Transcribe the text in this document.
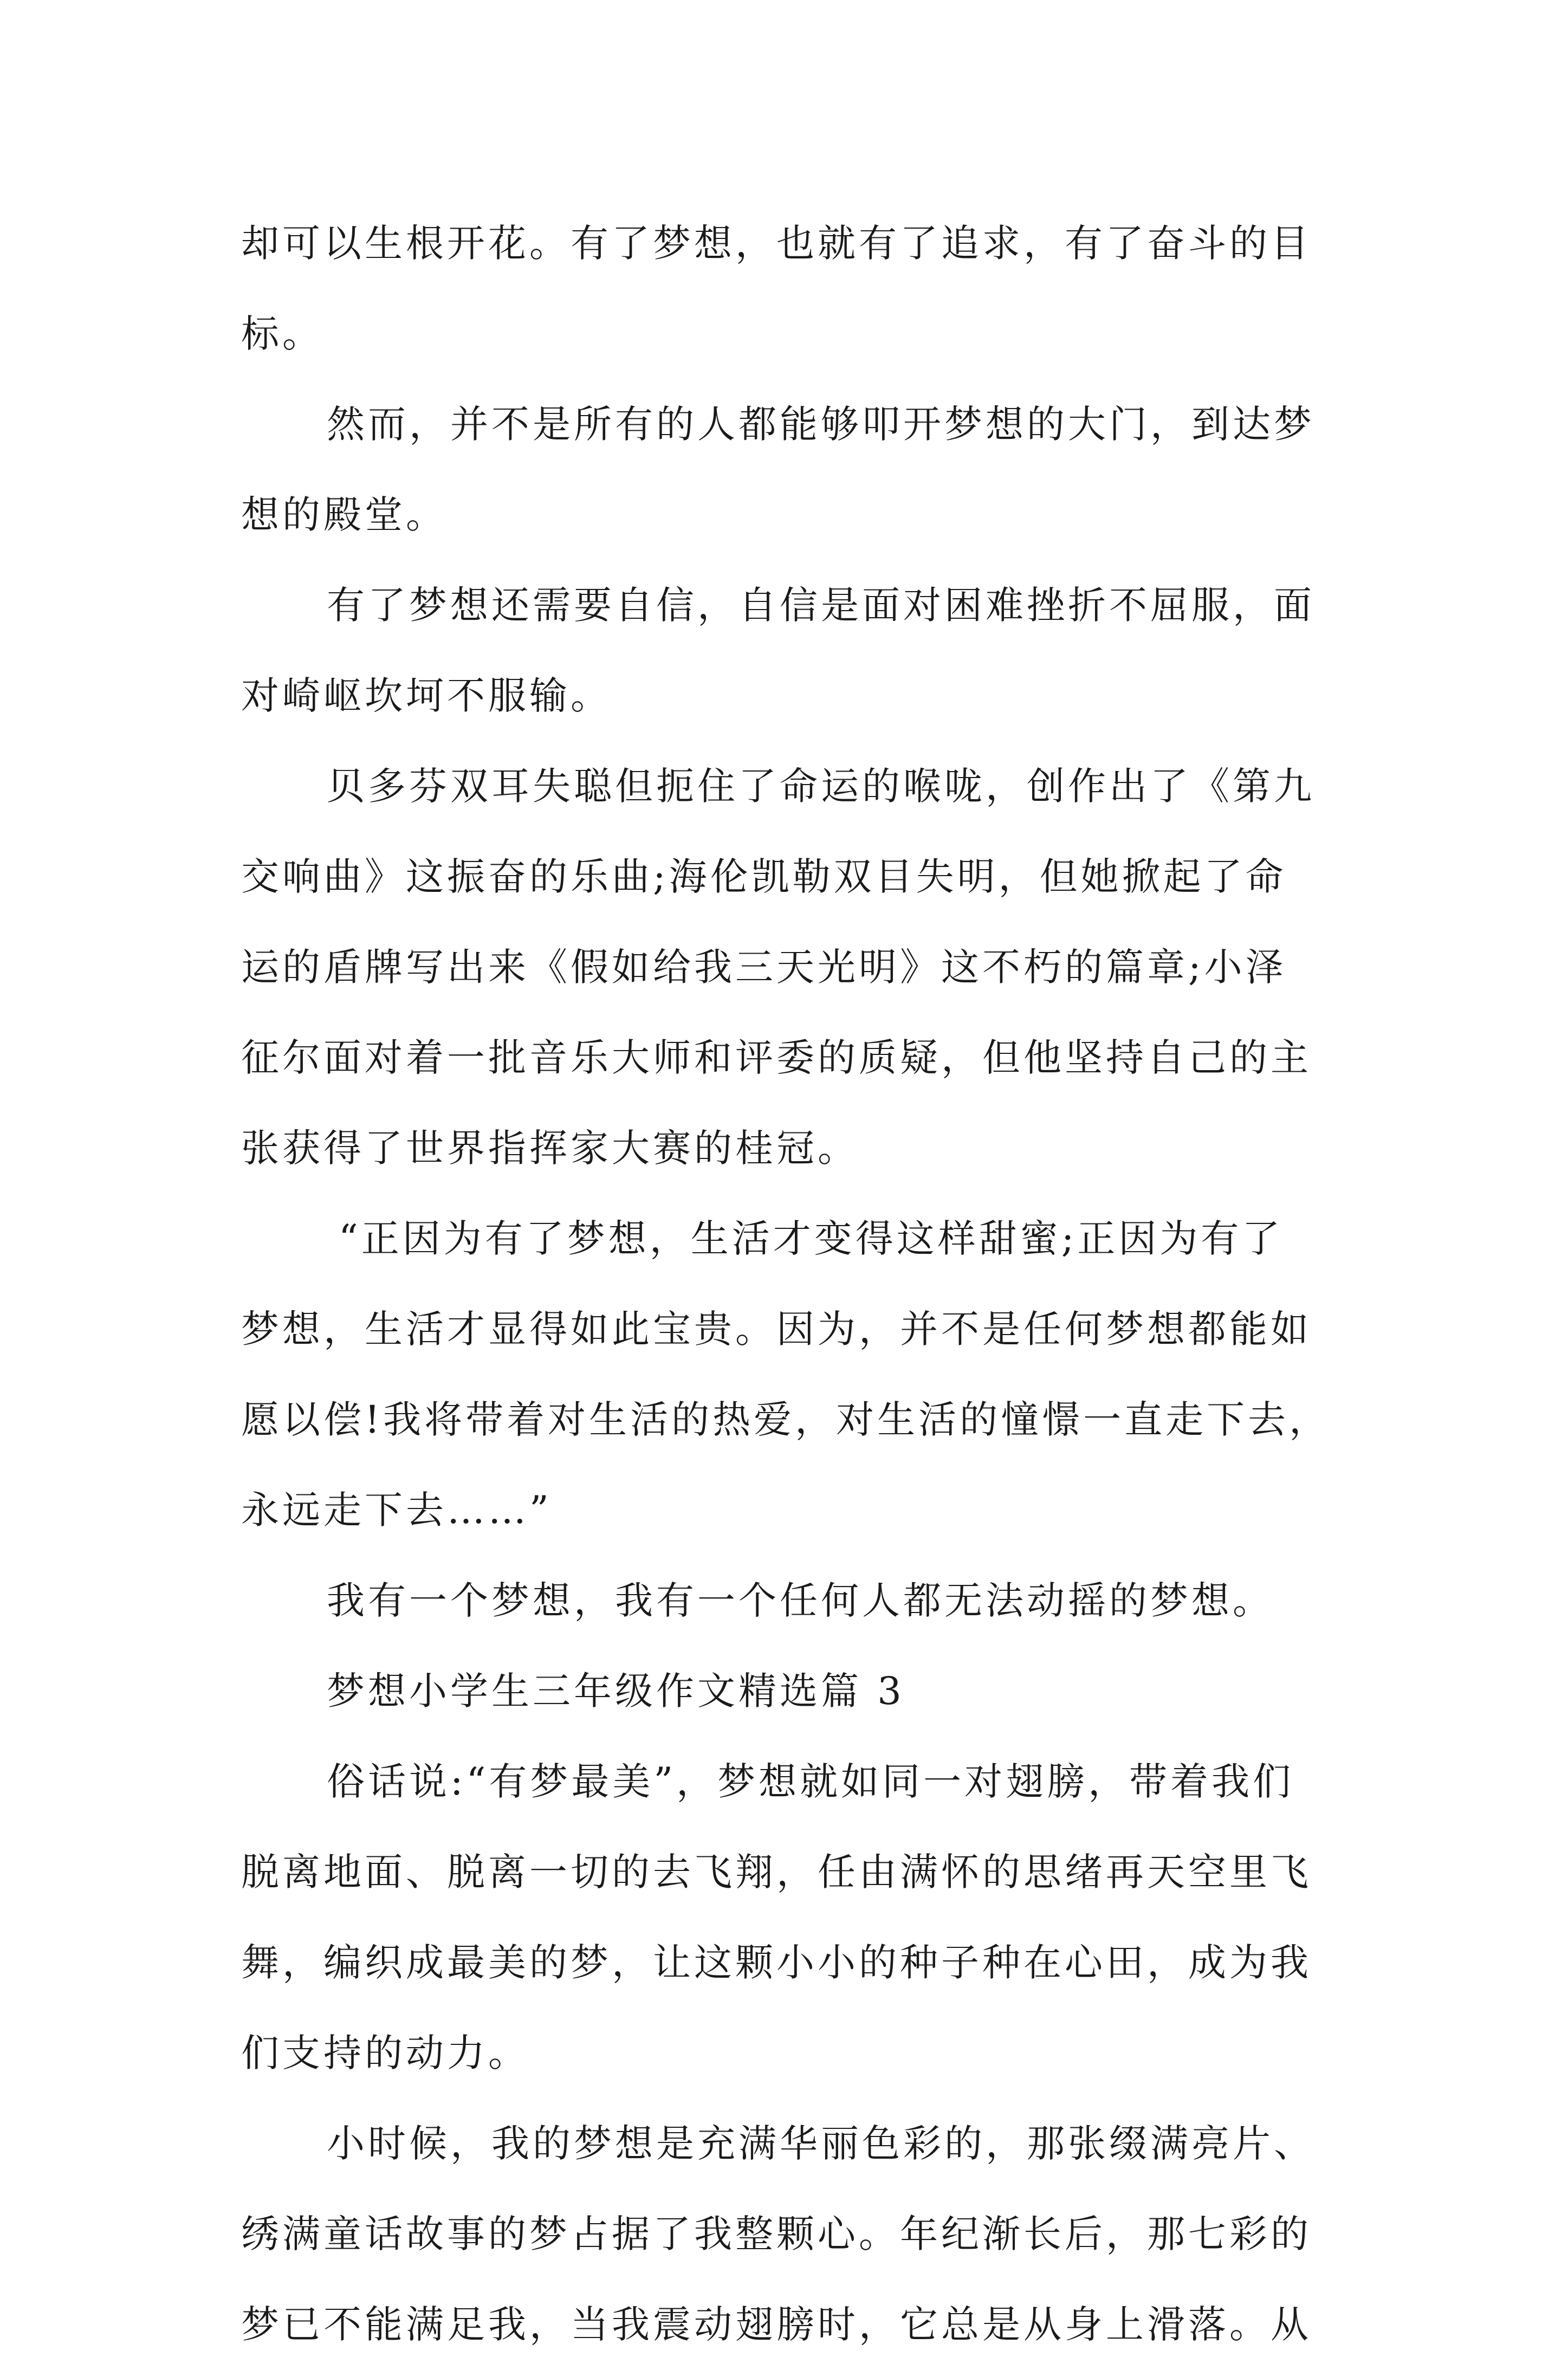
却可以生根开花。有了梦想，也就有了追求，有了奋斗的目
标。
然而，并不是所有的人都能够叩开梦想的大门，到达梦
想的殿堂。
有了梦想还需要自信，自信是面对困难挫折不屈服，面
对崎岖坎坷不服输。
贝多芬双耳失聪但扼住了命运的喉咙，创作出了《第九
交响曲》这振奋的乐曲;海伦凯勒双目失明，但她掀起了命
运的盾牌写出来《假如给我三天光明》这不朽的篇章;小泽
征尔面对着一批音乐大师和评委的质疑，但他坚持自己的主
张获得了世界指挥家大赛的桂冠。
“正因为有了梦想，生活才变得这样甜蜜;正因为有了
梦想，生活才显得如此宝贵。因为，并不是任何梦想都能如
愿以偿!我将带着对生活的热爱，对生活的憧憬一直走下去，
永远走下去……”
我有一个梦想，我有一个任何人都无法动摇的梦想。
梦想小学生三年级作文精选篇 3
俗话说:“有梦最美”，梦想就如同一对翅膀，带着我们
脱离地面、脱离一切的去飞翔，任由满怀的思绪再天空里飞
舞，编织成最美的梦，让这颗小小的种子种在心田，成为我
们支持的动力。
小时候，我的梦想是充满华丽色彩的，那张缀满亮片、
绣满童话故事的梦占据了我整颗心。年纪渐长后，那七彩的
梦已不能满足我，当我震动翅膀时，它总是从身上滑落。从
